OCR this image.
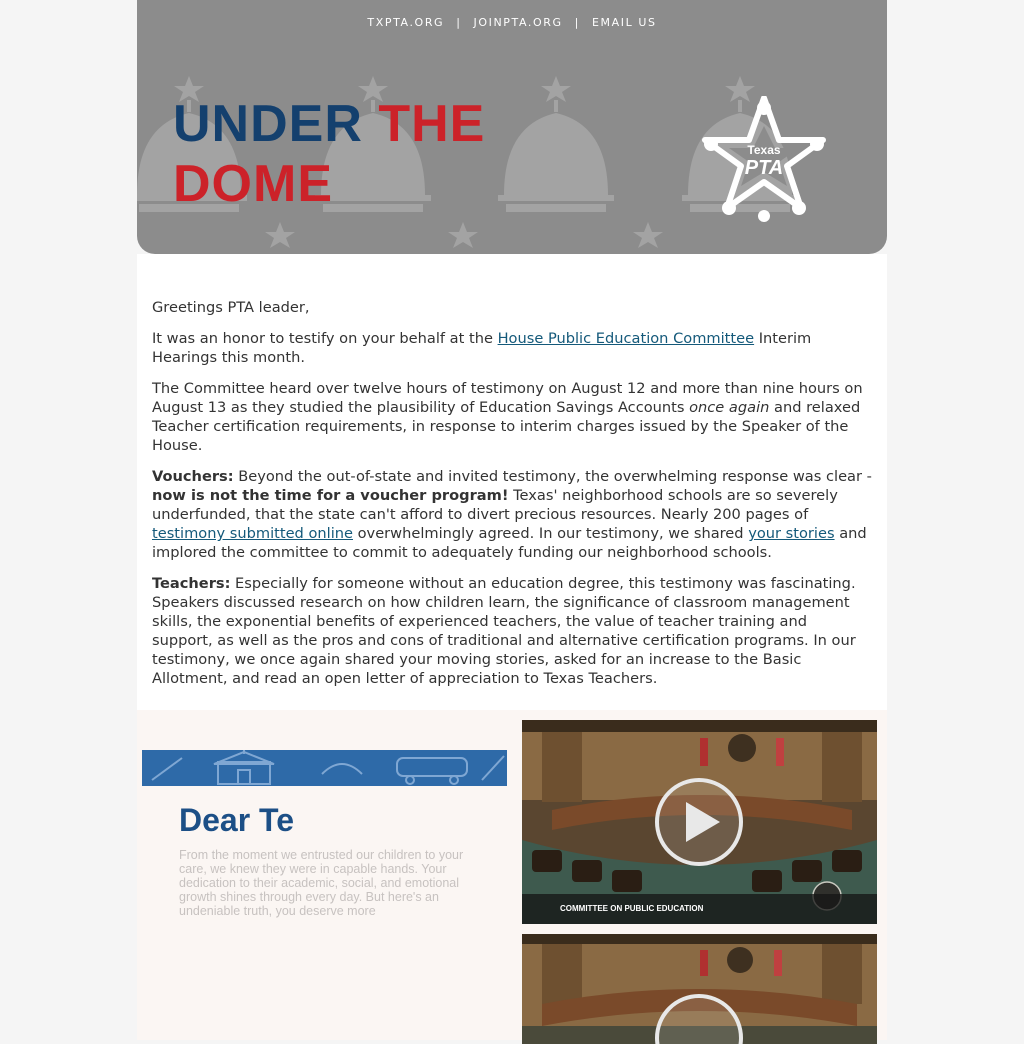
TXPTA.ORG | JOINPTA.ORG | EMAIL US
UNDER THE
DOME
Texas
PTA

Greetings PTA leader,

It was an honor to testify on your behalf at the House Public Education Committee Interim Hearings this month.

The Committee heard over twelve hours of testimony on August 12 and more than nine hours on August 13 as they studied the plausibility of Education Savings Accounts once again and relaxed Teacher certification requirements, in response to interim charges issued by the Speaker of the House.

Vouchers: Beyond the out-of-state and invited testimony, the overwhelming response was clear - now is not the time for a voucher program! Texas' neighborhood schools are so severely underfunded, that the state can't afford to divert precious resources. Nearly 200 pages of testimony submitted online overwhelmingly agreed. In our testimony, we shared your stories and implored the committee to commit to adequately funding our neighborhood schools.

Teachers: Especially for someone without an education degree, this testimony was fascinating. Speakers discussed research on how children learn, the significance of classroom management skills, the exponential benefits of experienced teachers, the value of teacher training and support, as well as the pros and cons of traditional and alternative certification programs. In our testimony, we once again shared your moving stories, asked for an increase to the Basic Allotment, and read an open letter of appreciation to Texas Teachers.

Dear Te
From the moment we entrusted our children to your care, we knew they were in capable hands. Your dedication to their academic, social, and emotional growth shines through every day. But here's an undeniable truth, you deserve more	COMMITTEE ON PUBLIC EDUCATION
